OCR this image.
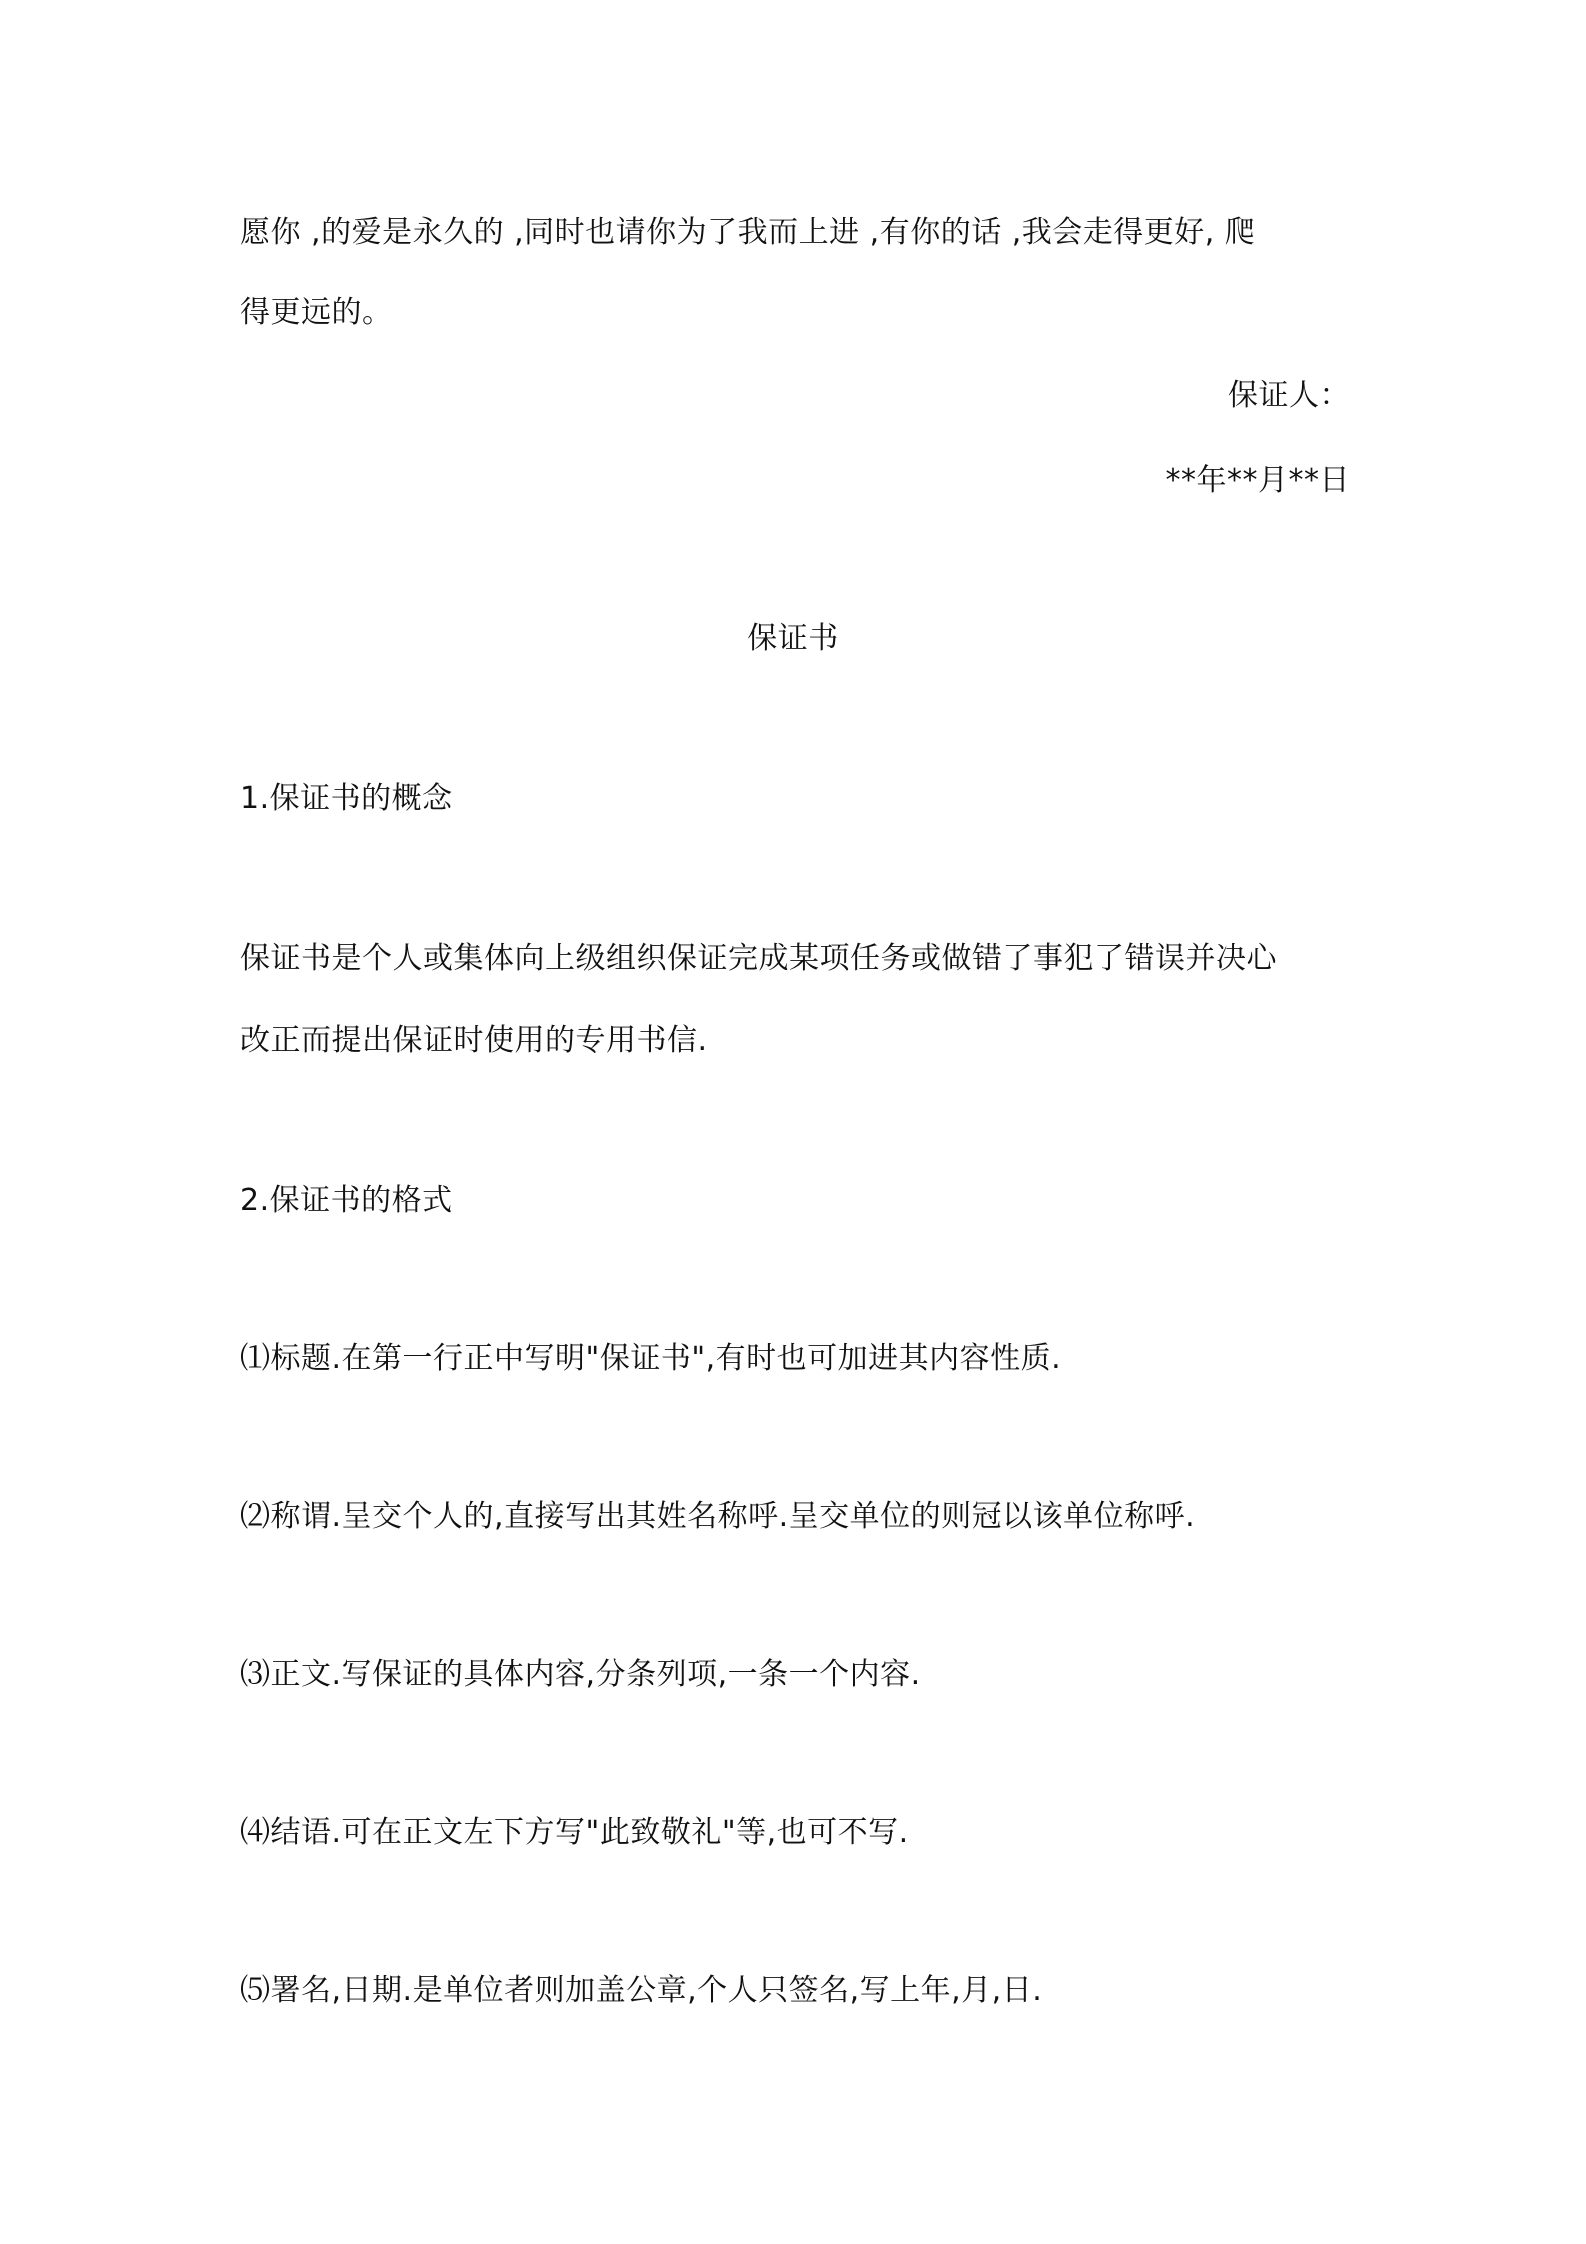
愿你 ,的爱是永久的 ,同时也请你为了我而上进 ,有你的话 ,我会走得更好, 爬
得更远的。
保证人：
**年**月**日
保证书
1.保证书的概念
保证书是个人或集体向上级组织保证完成某项任务或做错了事犯了错误并决心
改正而提出保证时使用的专用书信.
2.保证书的格式
⑴标题.在第一行正中写明"保证书",有时也可加进其内容性质.
⑵称谓.呈交个人的,直接写出其姓名称呼.呈交单位的则冠以该单位称呼.
⑶正文.写保证的具体内容,分条列项,一条一个内容.
⑷结语.可在正文左下方写"此致敬礼"等,也可不写.
⑸署名,日期.是单位者则加盖公章,个人只签名,写上年,月,日.
